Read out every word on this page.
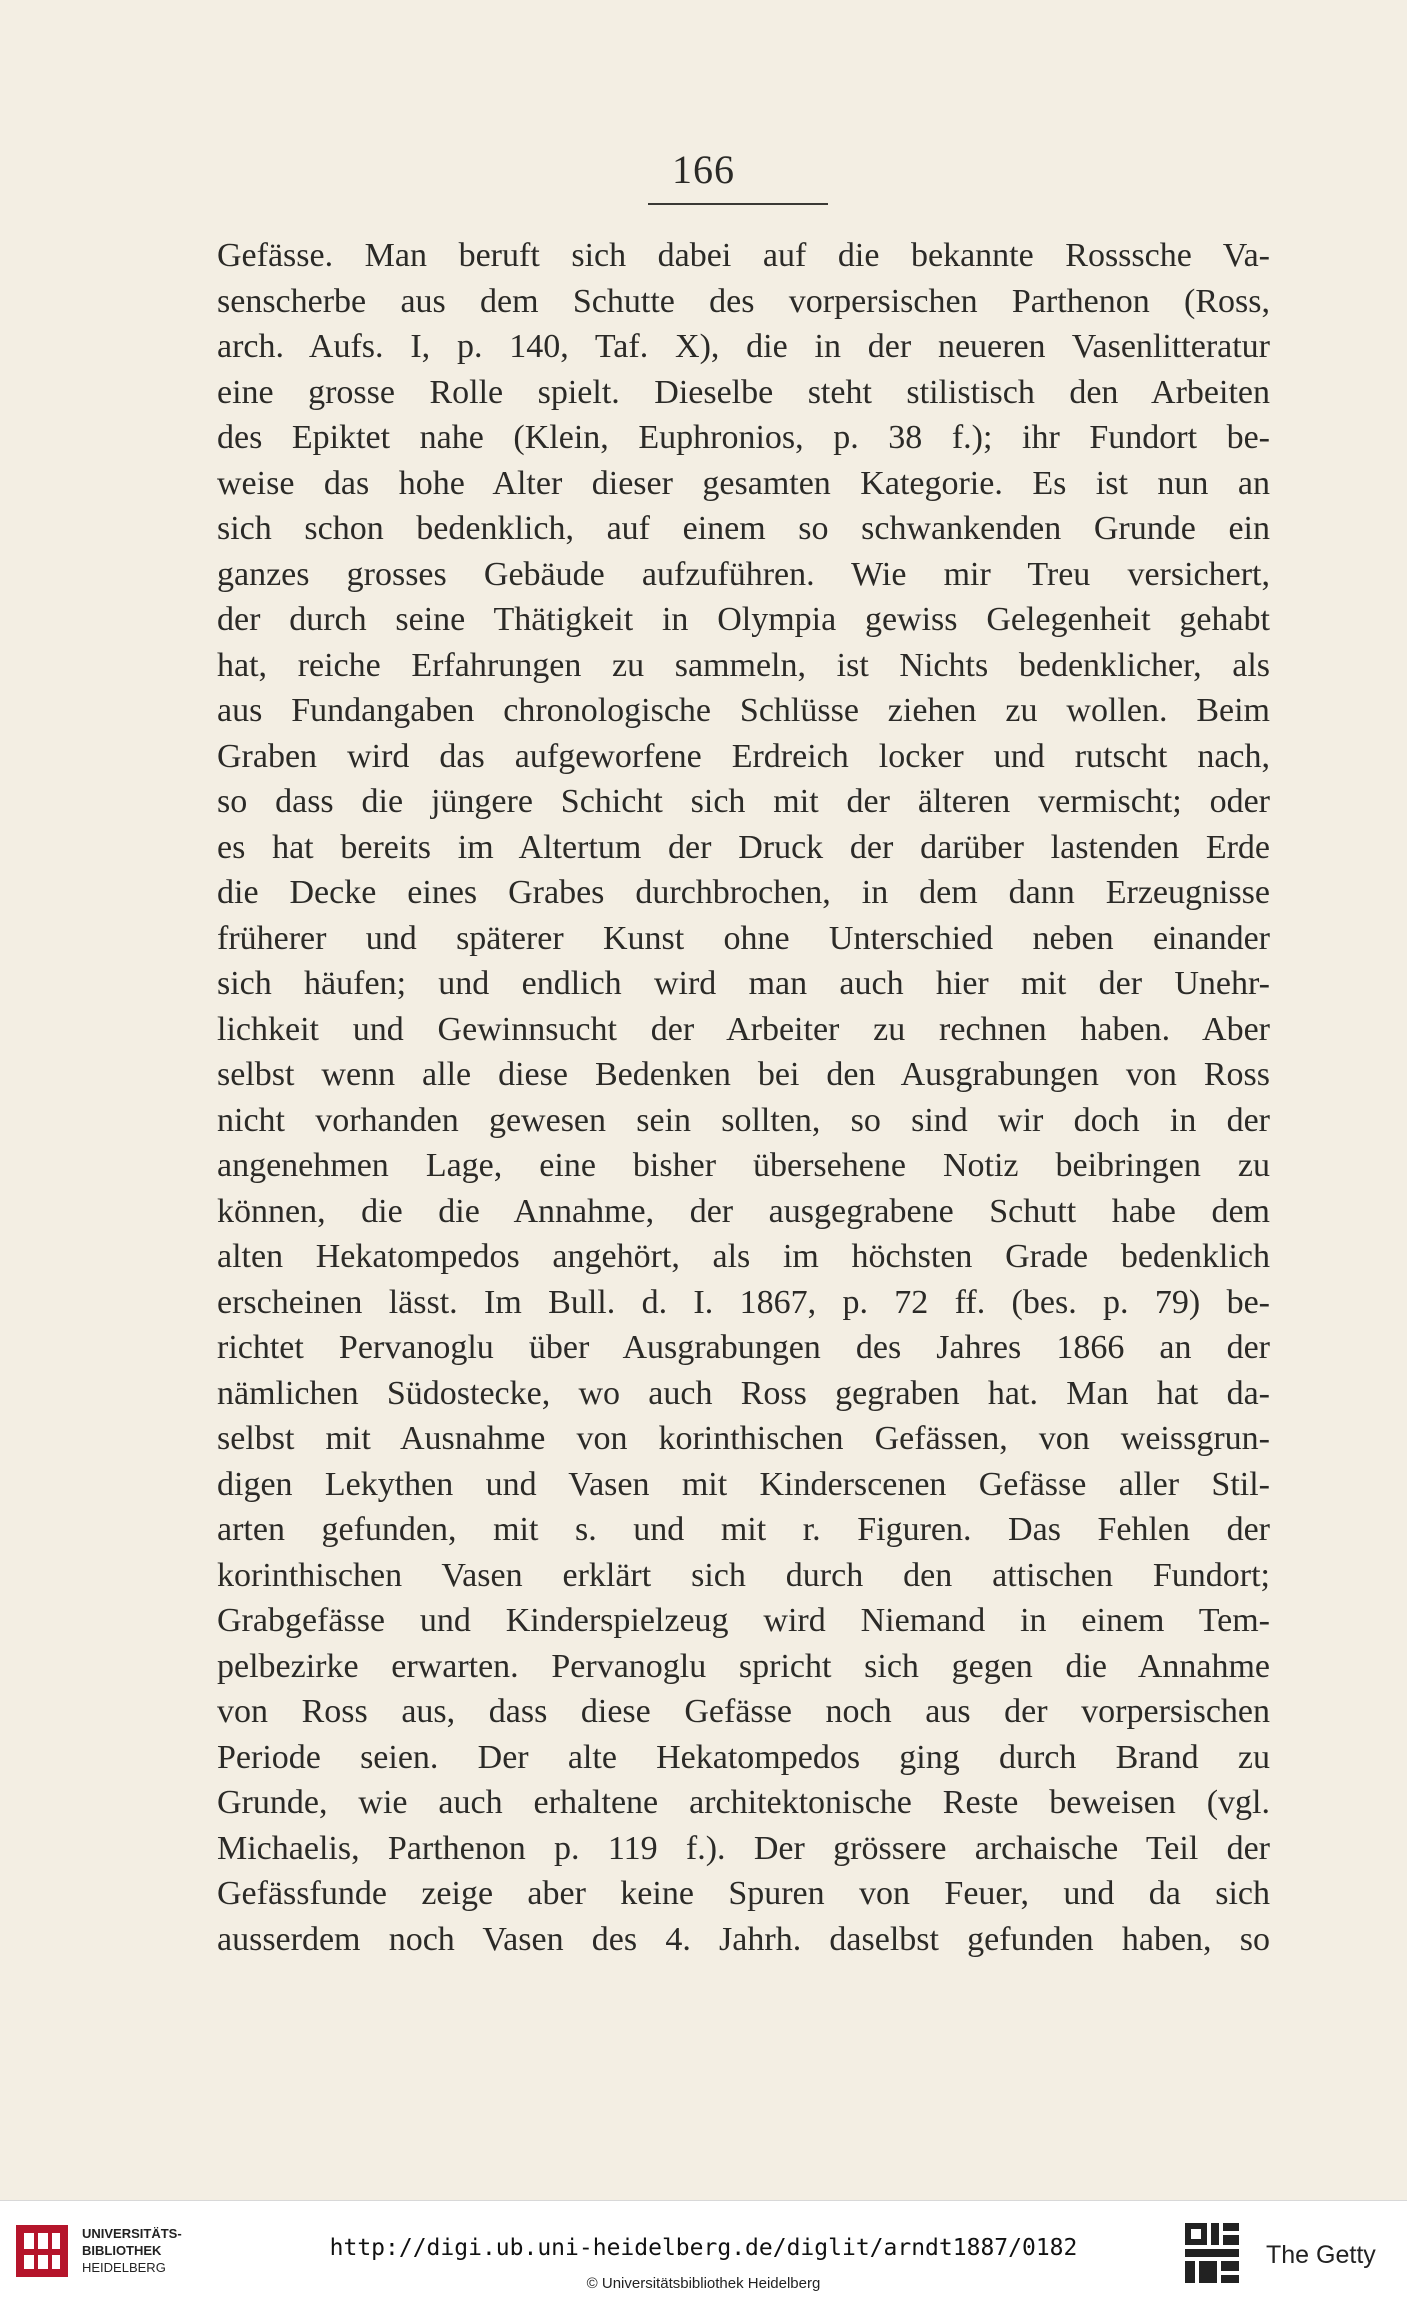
166
Gefässe. Man beruft sich dabei auf die bekannte Rosssche Va-
senscherbe aus dem Schutte des vorpersischen Parthenon (Ross,
arch. Aufs. I, p. 140, Taf. X), die in der neueren Vasenlitteratur
eine grosse Rolle spielt. Dieselbe steht stilistisch den Arbeiten
des Epiktet nahe (Klein, Euphronios, p. 38 f.); ihr Fundort be-
weise das hohe Alter dieser gesamten Kategorie. Es ist nun an
sich schon bedenklich, auf einem so schwankenden Grunde ein
ganzes grosses Gebäude aufzuführen. Wie mir Treu versichert,
der durch seine Thätigkeit in Olympia gewiss Gelegenheit gehabt
hat, reiche Erfahrungen zu sammeln, ist Nichts bedenklicher, als
aus Fundangaben chronologische Schlüsse ziehen zu wollen. Beim
Graben wird das aufgeworfene Erdreich locker und rutscht nach,
so dass die jüngere Schicht sich mit der älteren vermischt; oder
es hat bereits im Altertum der Druck der darüber lastenden Erde
die Decke eines Grabes durchbrochen, in dem dann Erzeugnisse
früherer und späterer Kunst ohne Unterschied neben einander
sich häufen; und endlich wird man auch hier mit der Unehr-
lichkeit und Gewinnsucht der Arbeiter zu rechnen haben. Aber
selbst wenn alle diese Bedenken bei den Ausgrabungen von Ross
nicht vorhanden gewesen sein sollten, so sind wir doch in der
angenehmen Lage, eine bisher übersehene Notiz beibringen zu
können, die die Annahme, der ausgegrabene Schutt habe dem
alten Hekatompedos angehört, als im höchsten Grade bedenklich
erscheinen lässt. Im Bull. d. I. 1867, p. 72 ff. (bes. p. 79) be-
richtet Pervanoglu über Ausgrabungen des Jahres 1866 an der
nämlichen Südostecke, wo auch Ross gegraben hat. Man hat da-
selbst mit Ausnahme von korinthischen Gefässen, von weissgrun-
digen Lekythen und Vasen mit Kinderscenen Gefässe aller Stil-
arten gefunden, mit s. und mit r. Figuren. Das Fehlen der
korinthischen Vasen erklärt sich durch den attischen Fundort;
Grabgefässe und Kinderspielzeug wird Niemand in einem Tem-
pelbezirke erwarten. Pervanoglu spricht sich gegen die Annahme
von Ross aus, dass diese Gefässe noch aus der vorpersischen
Periode seien. Der alte Hekatompedos ging durch Brand zu
Grunde, wie auch erhaltene architektonische Reste beweisen (vgl.
Michaelis, Parthenon p. 119 f.). Der grössere archaische Teil der
Gefässfunde zeige aber keine Spuren von Feuer, und da sich
ausserdem noch Vasen des 4. Jahrh. daselbst gefunden haben, so
UNIVERSITÄTS-
BIBLIOTHEK
HEIDELBERG
http://digi.ub.uni-heidelberg.de/diglit/arndt1887/0182
© Universitätsbibliothek Heidelberg
The Getty
